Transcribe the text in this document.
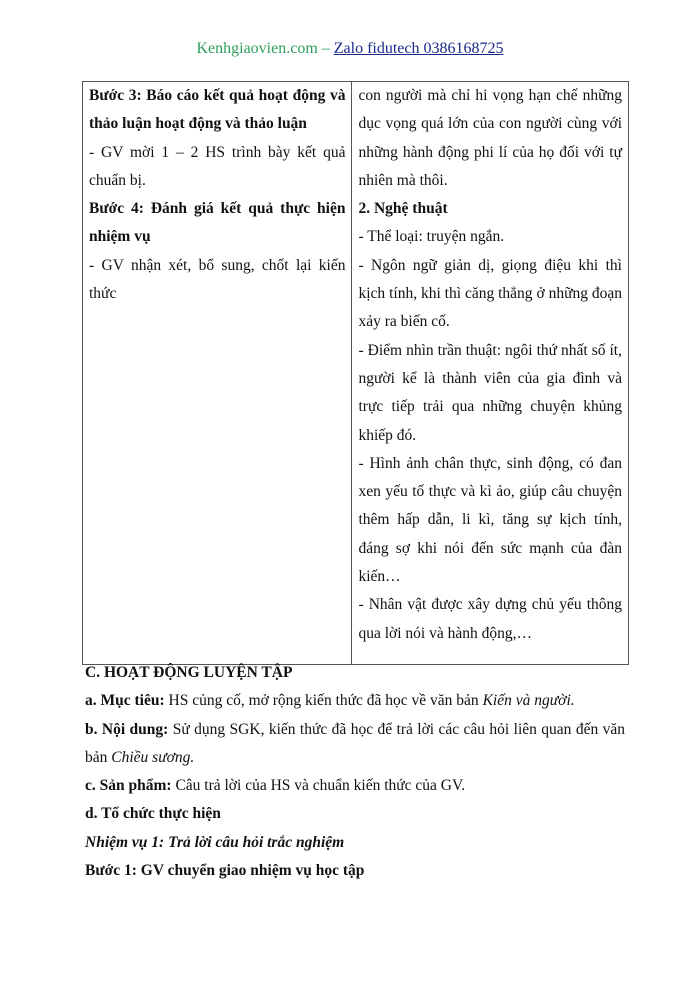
Kenhgiaovien.com – Zalo fidutech 0386168725
Bước 3: Báo cáo kết quả hoạt động và thảo luận hoạt động và thảo luận
- GV mời 1 – 2 HS trình bày kết quả chuẩn bị.
Bước 4: Đánh giá kết quả thực hiện nhiệm vụ
- GV nhận xét, bổ sung, chốt lại kiến thức

con người mà chỉ hi vọng hạn chế những dục vọng quá lớn của con người cùng với những hành động phi lí của họ đối với tự nhiên mà thôi.
2. Nghệ thuật
- Thể loại: truyện ngắn.
- Ngôn ngữ giản dị, giọng điệu khi thì kịch tính, khi thì căng thẳng ở những đoạn xảy ra biến cố.
- Điểm nhìn trần thuật: ngôi thứ nhất số ít, người kể là thành viên của gia đình và trực tiếp trải qua những chuyện khủng khiếp đó.
- Hình ảnh chân thực, sinh động, có đan xen yếu tố thực và kì ảo, giúp câu chuyện thêm hấp dẫn, li kì, tăng sự kịch tính, đáng sợ khi nói đến sức mạnh của đàn kiến…
- Nhân vật được xây dựng chủ yếu thông qua lời nói và hành động,…

C. HOẠT ĐỘNG LUYỆN TẬP

a. Mục tiêu: HS củng cố, mở rộng kiến thức đã học về văn bản Kiến và người.

b. Nội dung: Sử dụng SGK, kiến thức đã học để trả lời các câu hỏi liên quan đến văn bản Chiều sương.

c. Sản phẩm: Câu trả lời của HS và chuẩn kiến thức của GV.

d. Tổ chức thực hiện

Nhiệm vụ 1: Trả lời câu hỏi trắc nghiệm

Bước 1: GV chuyển giao nhiệm vụ học tập
